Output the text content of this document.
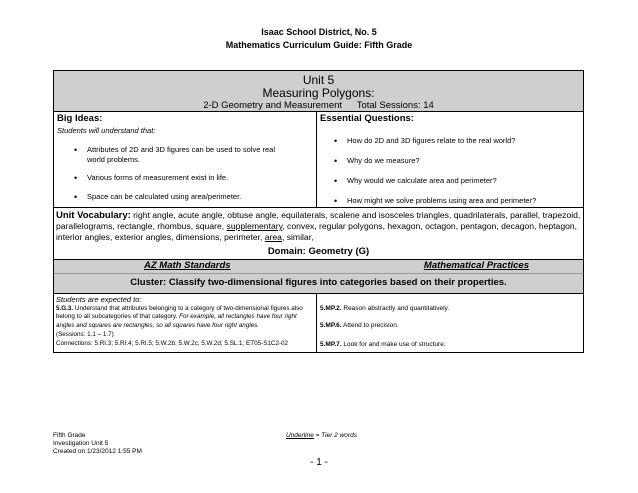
Isaac School District, No. 5
Mathematics Curriculum Guide: Fifth Grade
Unit 5
Measuring Polygons:
2-D Geometry and Measurement Total Sessions: 14
Big Ideas:
Students will understand that:
• Attributes of 2D and 3D figures can be used to solve real world problems.
• Various forms of measurement exist in life.
• Space can be calculated using area/perimeter.
Essential Questions:
• How do 2D and 3D figures relate to the real world?
• Why do we measure?
• Why would we calculate area and perimeter?
• How might we solve problems using area and perimeter?
Unit Vocabulary: right angle, acute angle, obtuse angle, equilaterals, scalene and isosceles triangles, quadrilaterals, parallel, trapezoid, parallelograms, rectangle, rhombus, square, supplementary, convex, regular polygons, hexagon, octagon, pentagon, decagon, heptagon, interior angles, exterior angles, dimensions, perimeter, area, similar,
Domain: Geometry (G)
AZ Math Standards	Mathematical Practices
Cluster: Classify two-dimensional figures into categories based on their properties.
Students are expected to:
5.G.3. Understand that attributes belonging to a category of two-dimensional figures also belong to all subcategories of that category. For example, all rectangles have four right angles and squares are rectangles, so all squares have four right angles.
(Sessions: 1.1 – 1.7)
Connections: 5.RI.3; 5.RI.4; 5.RI.5; 5.W.2b; 5.W.2c; 5.W.2d; 5.SL.1; ET05-S1C2-02
5.MP.2. Reason abstractly and quantitatively.
5.MP.6. Attend to precision.
5.MP.7. Look for and make use of structure.
Fifth Grade
Investigation Unit 5
Created on 1/23/2012 1:55 PM
Underline = Tier 2 words
- 1 -
